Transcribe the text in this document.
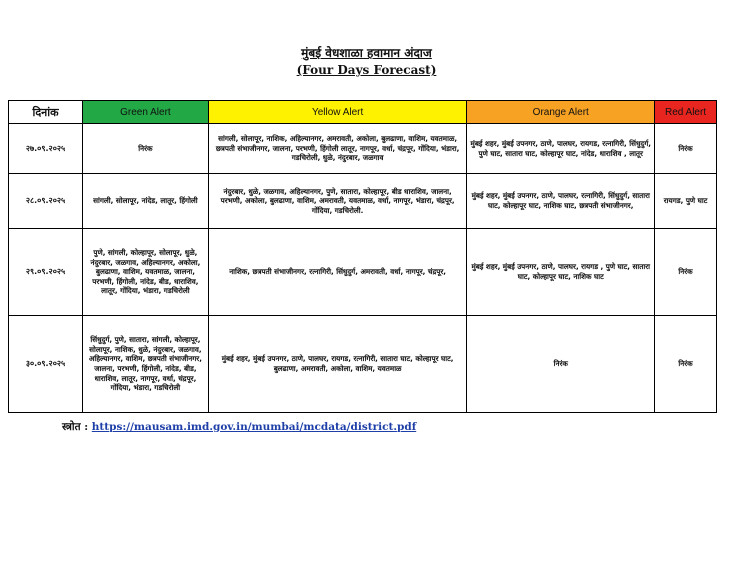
मुंबई वेधशाळा हवामान अंदाज
(Four Days Forecast)
दिनांक	Green Alert	Yellow Alert	Orange Alert	Red Alert
२७.०९.२०२५	निरंक	सांगली, सोलापूर, नाशिक, अहिल्यानगर, अमरावती, अकोला, बुलढाणा, वाशिम, यवतमाळ, छत्रपती संभाजीनगर, जालना, परभणी, हिंगोली लातूर, नागपूर, वर्धा, चंद्रपूर, गोंदिया, भंडारा, गडचिरोली, धुळे, नंदुरबार, जळगाव	मुंबई शहर, मुंबई उपनगर, ठाणे, पालघर, रायगड, रत्नागिरी, सिंधुदुर्ग, पुणे घाट, सातारा घाट, कोल्हापूर घाट, नांदेड, धाराशिव , लातूर	निरंक
२८.०९.२०२५	सांगली, सोलापूर, नांदेड, लातूर, हिंगोली	नंदुरबार, धुळे, जळगाव, अहिल्यानगर, पुणे, सातारा, कोल्हापूर, बीड धाराशिव, जालना, परभणी, अकोला, बुलढाणा, वाशिम, अमरावती, यवतमाळ, वर्धा, नागपूर, भंडारा, चंद्रपूर, गोंदिया, गडचिरोली.	मुंबई शहर, मुंबई उपनगर, ठाणे, पालघर, रत्नागिरी, सिंधुदुर्ग, सातारा घाट, कोल्हापूर घाट, नाशिक घाट, छत्रपती संभाजीनगर,	रायगड, पुणे घाट
२९.०९.२०२५	पुणे, सांगली, कोल्हापूर, सोलापूर, धुळे, नंदुरबार, जळगाव, अहिल्यानगर, अकोला, बुलढाणा, वाशिम, यवतमाळ, जालना, परभणी, हिंगोली, नांदेड, बीड, धाराशिव, लातूर, गोंदिया, भंडारा, गडचिरोली	नाशिक, छत्रपती संभाजीनगर, रत्नागिरी, सिंधुदुर्ग, अमरावती, वर्धा, नागपूर, चंद्रपूर,	मुंबई शहर, मुंबई उपनगर, ठाणे, पालघर, रायगड , पुणे घाट, सातारा घाट, कोल्हापूर घाट, नाशिक घाट	निरंक
३०.०९.२०२५	सिंधुदुर्ग, पुणे, सातारा, सांगली, कोल्हापूर, सोलापूर, नाशिक, धुळे, नंदुरबार, जळगाव, अहिल्यानगर, वाशिम, छत्रपती संभाजीनगर, जालना, परभणी, हिंगोली, नांदेड, बीड, धाराशिव, लातूर, नागपूर, वर्धा, चंद्रपूर, गोंदिया, भंडारा, गडचिरोली	मुंबई शहर, मुंबई उपनगर, ठाणे, पालघर, रायगड, रत्नागिरी, सातारा घाट, कोल्हापूर घाट, बुलढाणा, अमरावती, अकोला, वाशिम, यवतमाळ	निरंक	निरंक
स्त्रोत : https://mausam.imd.gov.in/mumbai/mcdata/district.pdf
